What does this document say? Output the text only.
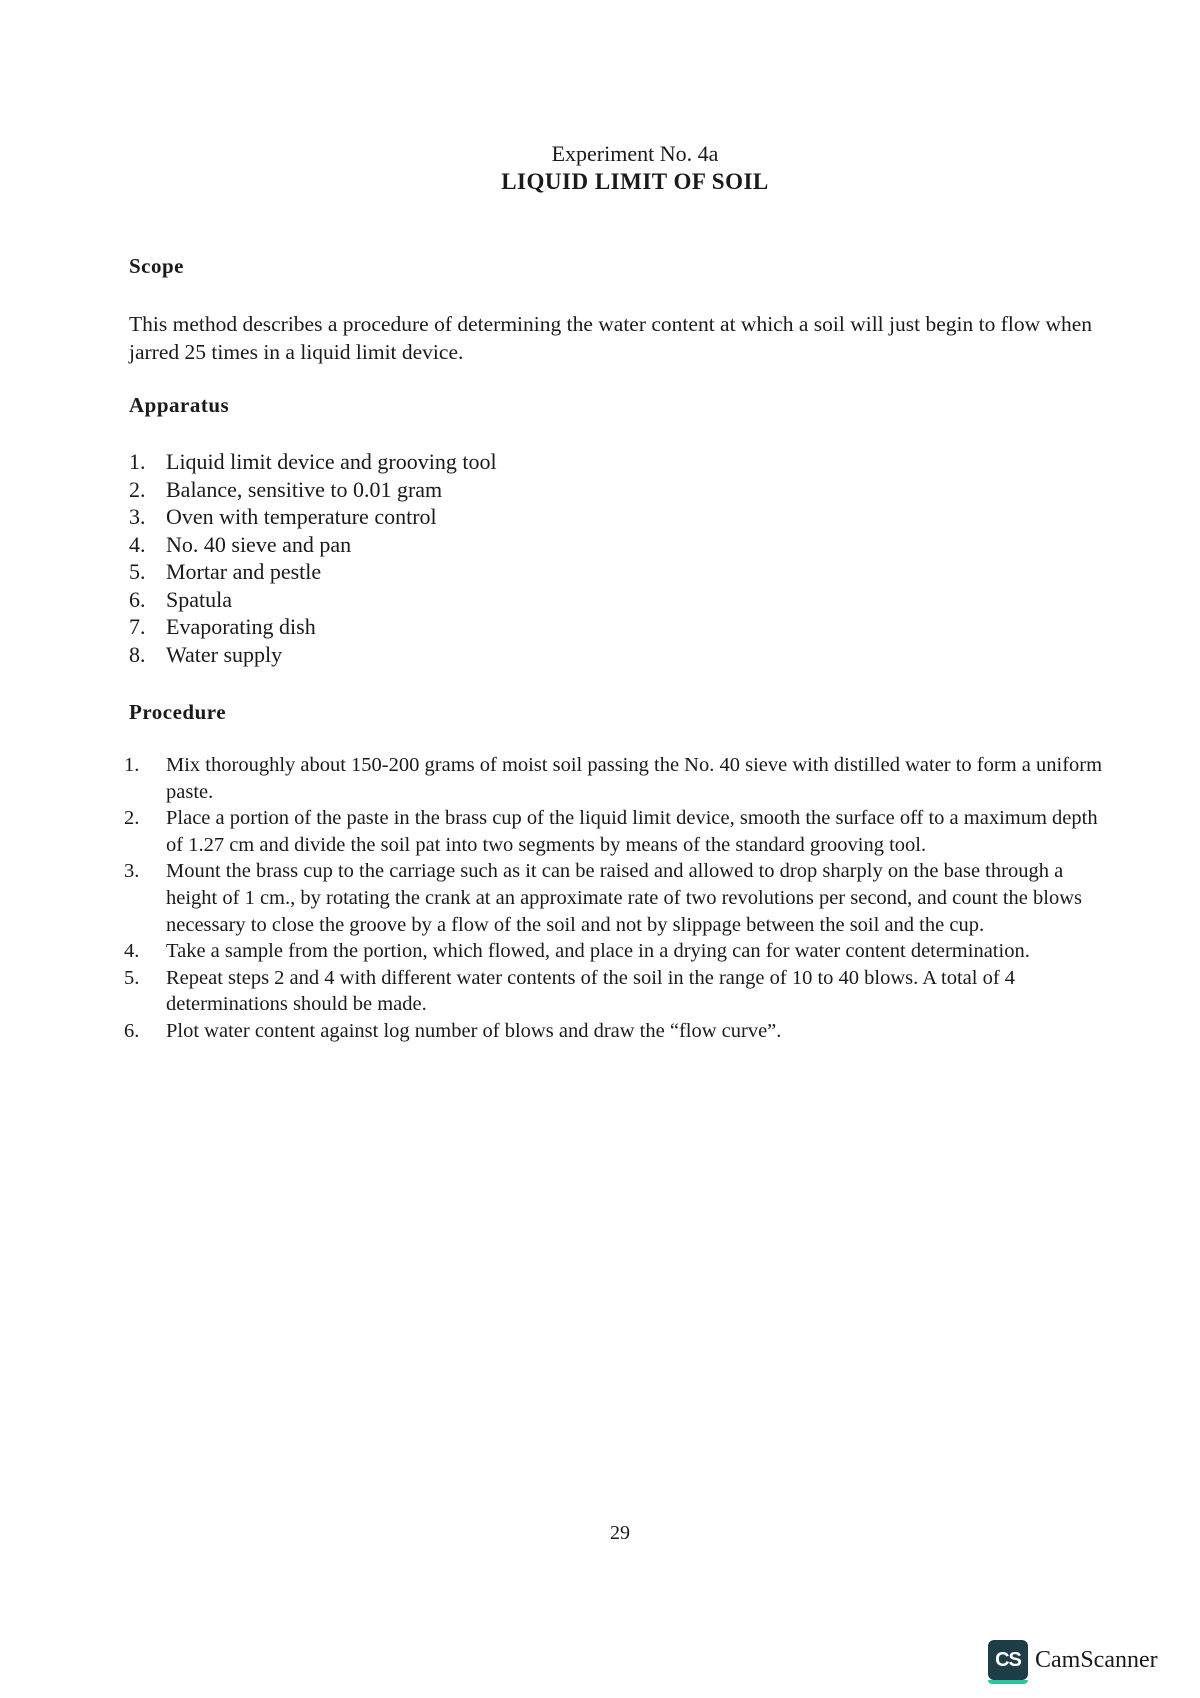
Experiment No. 4a
LIQUID LIMIT OF SOIL
Scope
This method describes a procedure of determining the water content at which a soil will just begin to flow when jarred 25 times in a liquid limit device.
Apparatus
1. Liquid limit device and grooving tool
2. Balance, sensitive to 0.01 gram
3. Oven with temperature control
4. No. 40 sieve and pan
5. Mortar and pestle
6. Spatula
7. Evaporating dish
8. Water supply
Procedure
1.	Mix thoroughly about 150-200 grams of moist soil passing the No. 40 sieve with distilled water to form a uniform paste.
2.	Place a portion of the paste in the brass cup of the liquid limit device, smooth the surface off to a maximum depth of 1.27 cm and divide the soil pat into two segments by means of the standard grooving tool.
3.	Mount the brass cup to the carriage such as it can be raised and allowed to drop sharply on the base through a height of 1 cm., by rotating the crank at an approximate rate of two revolutions per second, and count the blows necessary to close the groove by a flow of the soil and not by slippage between the soil and the cup.
4.	Take a sample from the portion, which flowed, and place in a drying can for water content determination.
5.	Repeat steps 2 and 4 with different water contents of the soil in the range of 10 to 40 blows. A total of 4 determinations should be made.
6.	Plot water content against log number of blows and draw the “flow curve”.
29
CS CamScanner
